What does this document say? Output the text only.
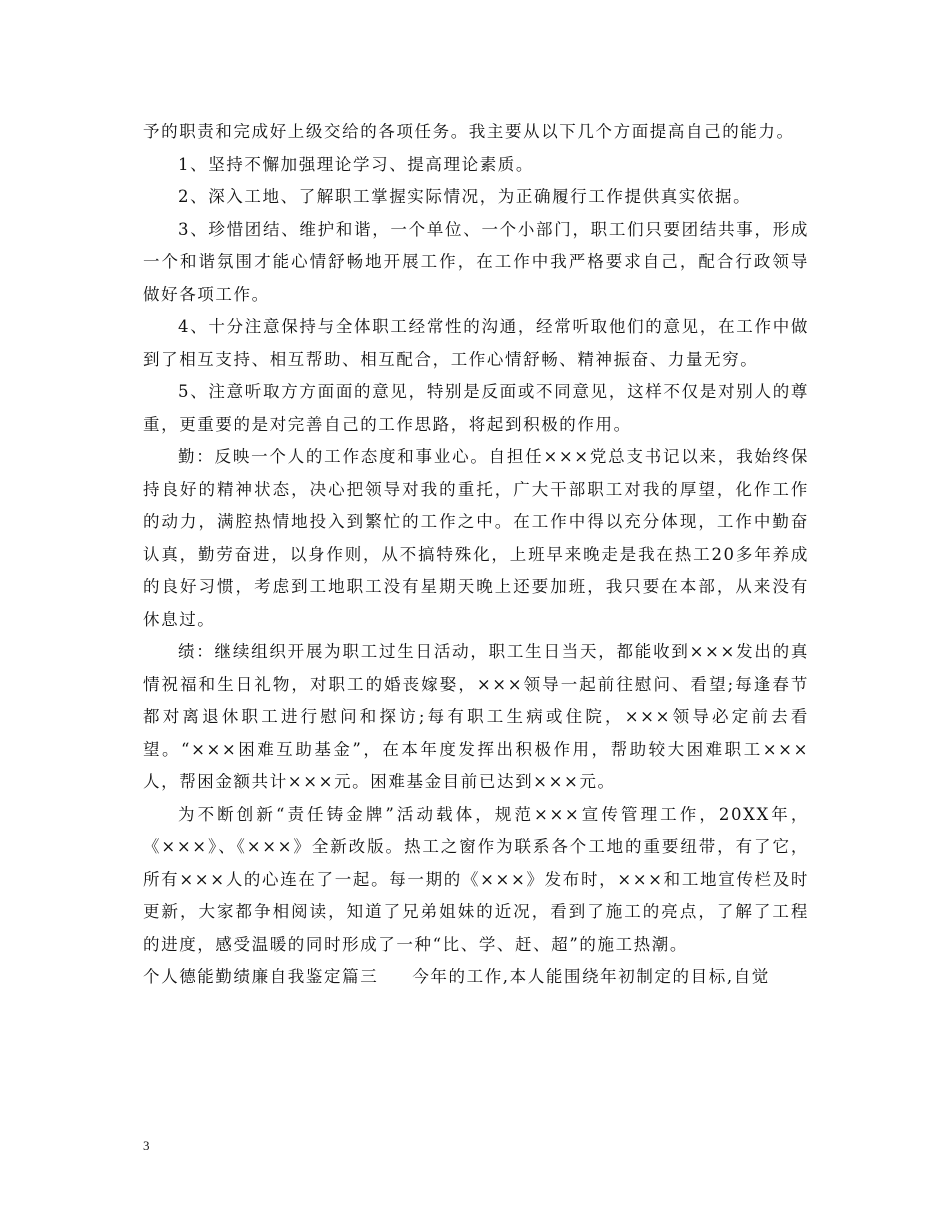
予的职责和完成好上级交给的各项任务。我主要从以下几个方面提高自己的能力。

1、坚持不懈加强理论学习、提高理论素质。

2、深入工地、了解职工掌握实际情况，为正确履行工作提供真实依据。

3、珍惜团结、维护和谐，一个单位、一个小部门，职工们只要团结共事，形成一个和谐氛围才能心情舒畅地开展工作，在工作中我严格要求自己，配合行政领导做好各项工作。

4、十分注意保持与全体职工经常性的沟通，经常听取他们的意见，在工作中做到了相互支持、相互帮助、相互配合，工作心情舒畅、精神振奋、力量无穷。

5、注意听取方方面面的意见，特别是反面或不同意见，这样不仅是对别人的尊重，更重要的是对完善自己的工作思路，将起到积极的作用。

勤：反映一个人的工作态度和事业心。自担任×××党总支书记以来，我始终保持良好的精神状态，决心把领导对我的重托，广大干部职工对我的厚望，化作工作的动力，满腔热情地投入到繁忙的工作之中。在工作中得以充分体现，工作中勤奋认真，勤劳奋进，以身作则，从不搞特殊化，上班早来晚走是我在热工20多年养成的良好习惯，考虑到工地职工没有星期天晚上还要加班，我只要在本部，从来没有休息过。

绩：继续组织开展为职工过生日活动，职工生日当天，都能收到×××发出的真情祝福和生日礼物，对职工的婚丧嫁娶，×××领导一起前往慰问、看望;每逢春节都对离退休职工进行慰问和探访;每有职工生病或住院，×××领导必定前去看望。“×××困难互助基金”，在本年度发挥出积极作用，帮助较大困难职工×××人，帮困金额共计×××元。困难基金目前已达到×××元。

为不断创新“责任铸金牌”活动载体，规范×××宣传管理工作，20XX年，《×××》、《×××》全新改版。热工之窗作为联系各个工地的重要纽带，有了它，所有×××人的心连在了一起。每一期的《×××》发布时，×××和工地宣传栏及时更新，大家都争相阅读，知道了兄弟姐妹的近况，看到了施工的亮点，了解了工程的进度，感受温暖的同时形成了一种“比、学、赶、超”的施工热潮。

个人德能勤绩廉自我鉴定篇三 今年的工作,本人能围绕年初制定的目标,自觉

3
